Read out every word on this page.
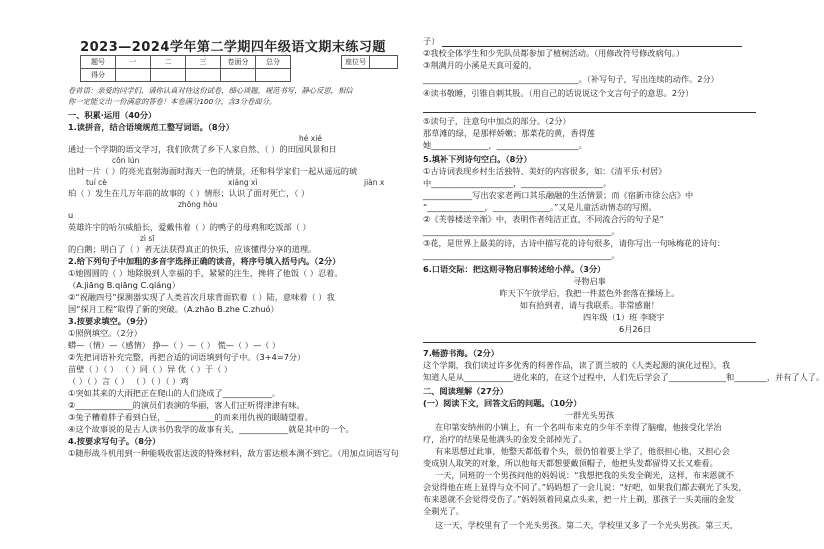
2023—2024学年第二学期四年级语文期末练习题
题号	一	二	三	卷面分	总分
得分					
座位号	
卷首语：亲爱的同学们，请你认真对待这份试卷，细心谈题，规范书写，静心反思，相信
你一定能交出一份满意的答卷！本卷满分100分，含3分卷面分。
一、积累·运用（40分）
1.读拼音，结合语境规范工整写词语。（8分）
hé xié
通过一个学期的语文学习，我们欣赏了乡下人家自然、（ ）的田园风景和日
cōn lún
出时一片（ ）的亮光直射海面时海天一色的情景，还和科学家们一起从遥远的琥
tuí cè	xiáng xì	jiàn x
珀（ ）发生在几万年前的故事的（ ）情形；认识了面对死亡，（ ）
zhōng hòu
u
英雄许宇的哈尔威船长，爱戴伟着（ ）的鸭子的母鸡和吃饭部（ ）
zì sī
的白鹅；明白了（ ）者无法获得真正的快乐，应该懂得分享的道理。
2.给下列句子中加粗的多音字选择正确的读音，将序号填入括号内。（2分）
①她圆圆的（ ）地除脱到人幸福的手，紧紧的注生，搀将了他饭（ ）忍着。
（A.jiāng B.qiāng C.qiáng）
②“祝融四号”探测器实现了人类首次月球背面软着（ ）陆，意味着（ ）我
国“探月工程”取得了新的突破。（A.zhāo B.zhe C.zhuó）
3.按要求填空。（9分）
①照例填空。（2分）
蟒—（情）—（感情） 挣—（ ）—（ ） 慌—（ ）—（ ）
②先把词语补充完整，再把合适的词语填到句子中。（3+4=7分）
苗壁（ ）（ ） （ ）同（ ）异 优（ ）于（ ）
（ ）（ ）言（ ） （ ）（ ）（ ）鸡
①突如其来的大雨把正在爬山的人们浇成了____________。
②______________的演员们表演的华丽，客人们正听得津津有味。
③兔子糟着胖子看到白昼，____________的而来用仇视的眼睛望着。
④这个故事说的是古人读书仍我学的故事有关，____________就是其中的一个。
4.按要求写句子。（8分）
①随形战斗机用到一种能吸收雷达波的特殊材料，敌方雷达根本测不到它。（用加点词语写句
子）
②我校全体学生和少先队员都参加了植树活动。（用修改符号修改病句。）
③荆满月的小溪是天真可爱的，
______________________________________。（补写句子，写出连续的动作。2分）
④读书敬睡，引锥自刺其股。（用自己的话说说这个文言句子的意思。2分）
⑤读句子，注意句中加点的部分。（2分）
那草滩的绿，是那样娇嫩；那菜花的黄，香得莲
她______________，____________________。
5.填补下列诗句空白。（8分）
①古诗词表现乡村生活独特、美好的内容很多，如：《清平乐·村居》
中____________________，____________________。
____________写出农家老两口其乐融融的生活情景；而《宿新市徐公店》中
“______________，______________。”又是儿童活动情态的写照。
②《芙蓉楼送辛渐》中，表明作者纯洁正直，不同流合污的句子是“
______________________________________________。
③花，是世界上最美的诗，古诗中描写花的诗句很多，请你写出一句咏梅花的诗句：
______________________________________________。
6.口语交际：把这则寻物启事转述给小萍。（3分）
寻物启事
昨天下午放学后，我把一件蓝色外套落在操场上。
如有拾到者，请与我联系。非常感谢！
四年级（1）班 李晓宇
6月26日
7.畅游书海。（2分）
这个学期，我们读过许多优秀的科普作品，读了贾兰坡的《人类起源的演化过程》，我
知道人是从____________进化来的，在这个过程中，人们先后学会了______________和________，并有了人了。
二、阅读理解（27分）
(一）阅读下文，回答文后的问题。（10分）
一群光头男孩
在印第安纳州的小镇上，有一个名叫布来克的少年不幸得了脑瘤，他接受化学治
疗，治疗的结果是他满头的金发全部掉光了。
有来思想过此事，他整天都低着个头，很仍怕着要上学了，他很担心他，又担心会
变成别人取笑的对象，所以他每天都想要戴顶帽子，他把头发都留得又长又难看。
一天，同班的一个男孩问他的妈妈说：“我想把我的头发全剃光，这样，布来恩就不
会觉得他在班上显得与众不同了。”妈妈想了一会儿说：“好吧，如果我们都去剃光了头发，
布来恩就不会觉得受伤了。”妈妈领着同桌点头来，把一片上剃，那孩子一头美丽的金发
全剃光了。
这一天，学校里有了一个光头男孩。第二天，学校里又多了一个光头男孩。第三天，
